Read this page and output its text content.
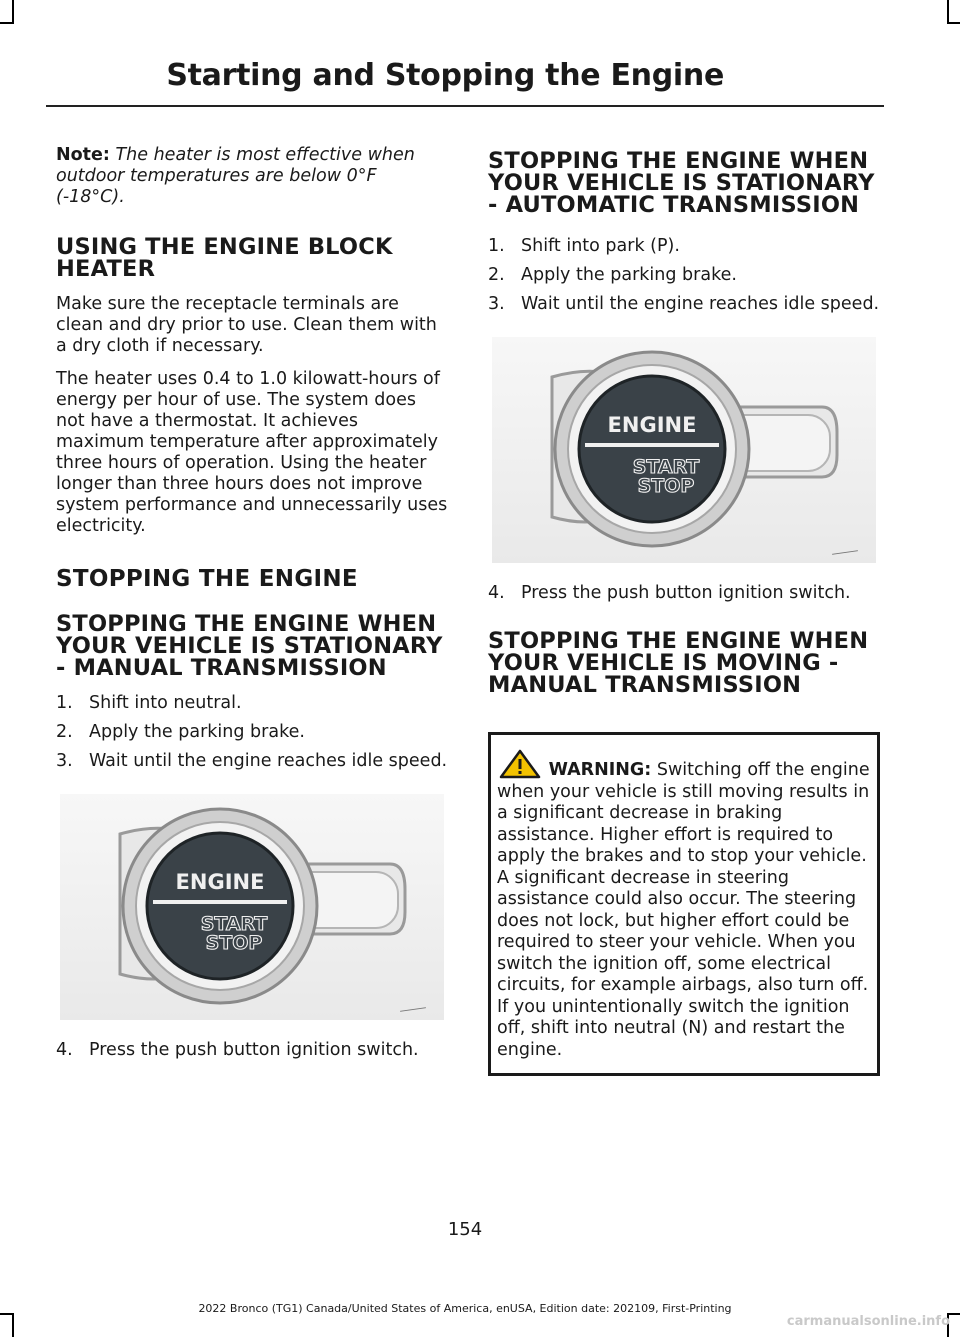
Starting and Stopping the Engine

Note: The heater is most effective when outdoor temperatures are below 0°F (-18°C).

USING THE ENGINE BLOCK HEATER

Make sure the receptacle terminals are clean and dry prior to use. Clean them with a dry cloth if necessary.

The heater uses 0.4 to 1.0 kilowatt-hours of energy per hour of use. The system does not have a thermostat. It achieves maximum temperature after approximately three hours of operation. Using the heater longer than three hours does not improve system performance and unnecessarily uses electricity.

STOPPING THE ENGINE
STOPPING THE ENGINE WHEN YOUR VEHICLE IS STATIONARY - MANUAL TRANSMISSION
1. Shift into neutral.
2. Apply the parking brake.
3. Wait until the engine reaches idle speed.
ENGINE
START
STOP
4. Press the push button ignition switch.
STOPPING THE ENGINE WHEN YOUR VEHICLE IS STATIONARY - AUTOMATIC TRANSMISSION
1. Shift into park (P).
2. Apply the parking brake.
3. Wait until the engine reaches idle speed.
ENGINE
START
STOP
4. Press the push button ignition switch.
STOPPING THE ENGINE WHEN YOUR VEHICLE IS MOVING - MANUAL TRANSMISSION
WARNING: Switching off the engine when your vehicle is still moving results in a significant decrease in braking assistance. Higher effort is required to apply the brakes and to stop your vehicle. A significant decrease in steering assistance could also occur. The steering does not lock, but higher effort could be required to steer your vehicle. When you switch the ignition off, some electrical circuits, for example airbags, also turn off. If you unintentionally switch the ignition off, shift into neutral (N) and restart the engine.
154
2022 Bronco (TG1) Canada/United States of America, enUSA, Edition date: 202109, First-Printing
carmanualsonline.info
